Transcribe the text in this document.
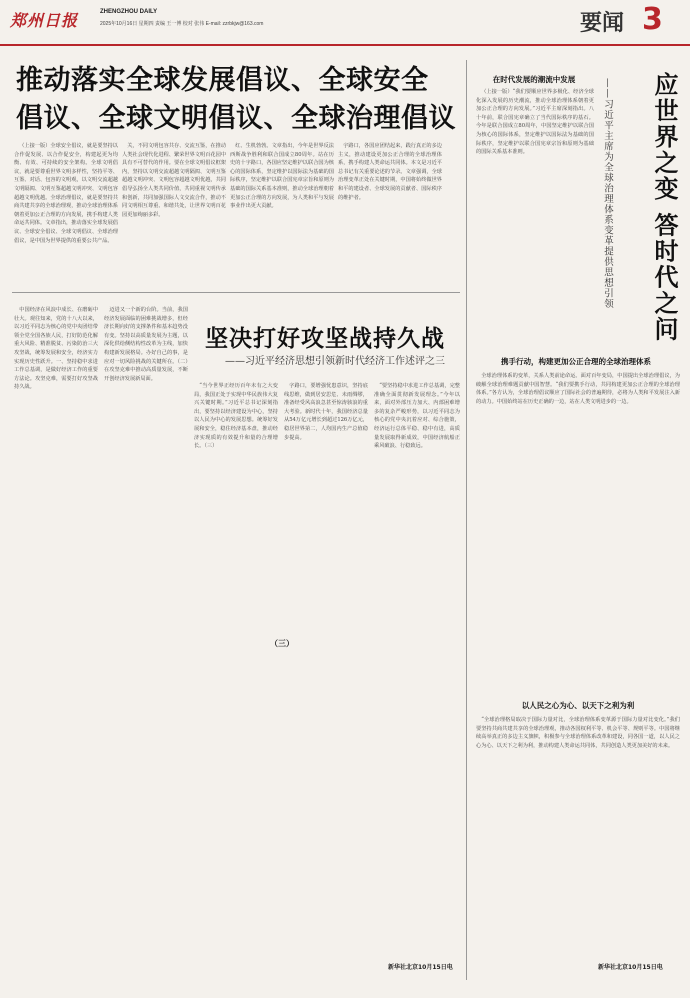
郑州日报	ZHENGZHOU DAILY
2025年10月16日 星期四 责编 王一博 校对 张伟 E-mail: zzrbkjw@163.com	要闻 3
推动落实全球发展倡议、全球安全
倡议、全球文明倡议、全球治理倡议

（上接一版）全球安全倡议，就是要坚持以合作促发展、以合作促安全，构建起更为均衡、有效、可持续的安全架构。全球文明倡议，就是要尊重世界文明多样性，坚持平等、互鉴、对话、包容的文明观，以文明交流超越文明隔阂、文明互鉴超越文明冲突、文明包容超越文明优越。全球治理倡议，就是要坚持共商共建共享的全球治理观，推动全球治理体系朝着更加公正合理的方向发展，携手构建人类命运共同体。文章指出，推动落实全球发展倡议、全球安全倡议、全球文明倡议、全球治理倡议，是中国为世界提供的重要公共产品。

关，不同文明包容共存、交流互鉴，在推动人类社会现代化进程、繁荣世界文明百花园中具有不可替代的作用。要在全球文明倡议框架内，坚持以文明交流超越文明隔阂、文明互鉴超越文明冲突、文明包容超越文明优越，共同倡导弘扬全人类共同价值，共同重视文明传承和创新，共同加强国际人文交流合作，推动不同文明相互尊重、和谐共处，让世界文明百花园更加绚丽多彩。

红、生机勃勃。文章指出，今年是世界反法西斯战争胜利和联合国成立80周年。站在历史的十字路口，各国应坚定维护以联合国为核心的国际体系，坚定维护以国际法为基础的国际秩序，坚定维护以联合国宪章宗旨和原则为基础的国际关系基本准则，推动全球治理朝着更加公正合理的方向发展，为人类和平与发展事业作出更大贡献。

宇路口，各国应团结起来，践行真正的多边主义，推动建设更加公正合理的全球治理体系，携手构建人类命运共同体。本文是习近平总书记有关重要论述的节录。文章强调，全球治理变革正处在关键时期，中国将始终做世界和平的建设者、全球发展的贡献者、国际秩序的维护者。

坚决打好攻坚战持久战
——习近平经济思想引领新时代经济工作述评之三

中国经济在风浪中成长、在磨砺中壮大。观往知来，党的十八大以来，以习近平同志为核心的党中央团结带领全党全国各族人民，打好防范化解重大风险、精准脱贫、污染防治三大攻坚战，统筹发展和安全，经济实力实现历史性跃升。一、坚持稳中求进工作总基调，是做好经济工作的重要方法论。攻坚克难，需要打好攻坚战持久战。

迈进又一个新的台阶。当前，我国经济发展面临的困难挑战增多，但经济长期向好的支撑条件和基本趋势没有变。坚持以高质量发展为主题，以深化供给侧结构性改革为主线，加快构建新发展格局。办好自己的事，是应对一切风险挑战的关键所在。（二）在攻坚克难中推动高质量发展，不断开创经济发展新局面。

“当今世界正经历百年未有之大变局，我国正处于实现中华民族伟大复兴关键时期。”习近平总书记深刻指出，要坚持以经济建设为中心，坚持以人民为中心的发展思想。统筹好发展和安全，稳住经济基本盘，推动经济实现质的有效提升和量的合理增长。（三）

（三）

字路口，要增强忧患意识，坚持底线思维，做到居安思危、未雨绸缪，准备经受风高浪急甚至惊涛骇浪的重大考验。新时代十年，我国经济总量从54万亿元增长到超过126万亿元，稳居世界第二，人均国内生产总值稳步提高。

“要坚持稳中求进工作总基调，完整准确全面贯彻新发展理念。”今年以来，面对外部压力加大、内部困难增多的复杂严峻形势，以习近平同志为核心的党中央沉着应对、综合施策，经济运行总体平稳、稳中有进，高质量发展取得新成效，中国经济航船正乘风破浪、行稳致远。

新华社北京10月15日电
应世界之变 答时代之问
——习近平主席为全球治理体系变革提供思想引领
在时代发展的潮流中发展

（上接一版）“我们要顺应世界多极化、经济全球化深入发展的历史潮流，推动全球治理体系朝着更加公正合理的方向发展。”习近平主席深刻指出。八十年前，联合国宪章确立了当代国际秩序的基石。今年是联合国成立80周年，中国坚定维护以联合国为核心的国际体系，坚定维护以国际法为基础的国际秩序，坚定维护以联合国宪章宗旨和原则为基础的国际关系基本准则。

携手行动，构建更加公正合理的全球治理体系

全球治理体系的变革，关系人类前途命运。面对百年变局，中国提出全球治理倡议，为破解全球治理难题贡献中国智慧。“我们要携手行动，共同构建更加公正合理的全球治理体系。”各方认为，全球治理倡议顺应了国际社会的普遍期待，必将为人类和平发展注入新的动力。中国始终站在历史正确的一边，站在人类文明进步的一边。

以人民之心为心、以天下之利为利

“全球治理格局取决于国际力量对比，全球治理体系变革源于国际力量对比变化。”我们要坚持共商共建共享的全球治理观，推动各国权利平等、机会平等、规则平等。中国将继续高举真正的多边主义旗帜，积极参与全球治理体系改革和建设，同各国一道，以人民之心为心、以天下之利为利，推动构建人类命运共同体，共同创造人类更加美好的未来。

新华社北京10月15日电
